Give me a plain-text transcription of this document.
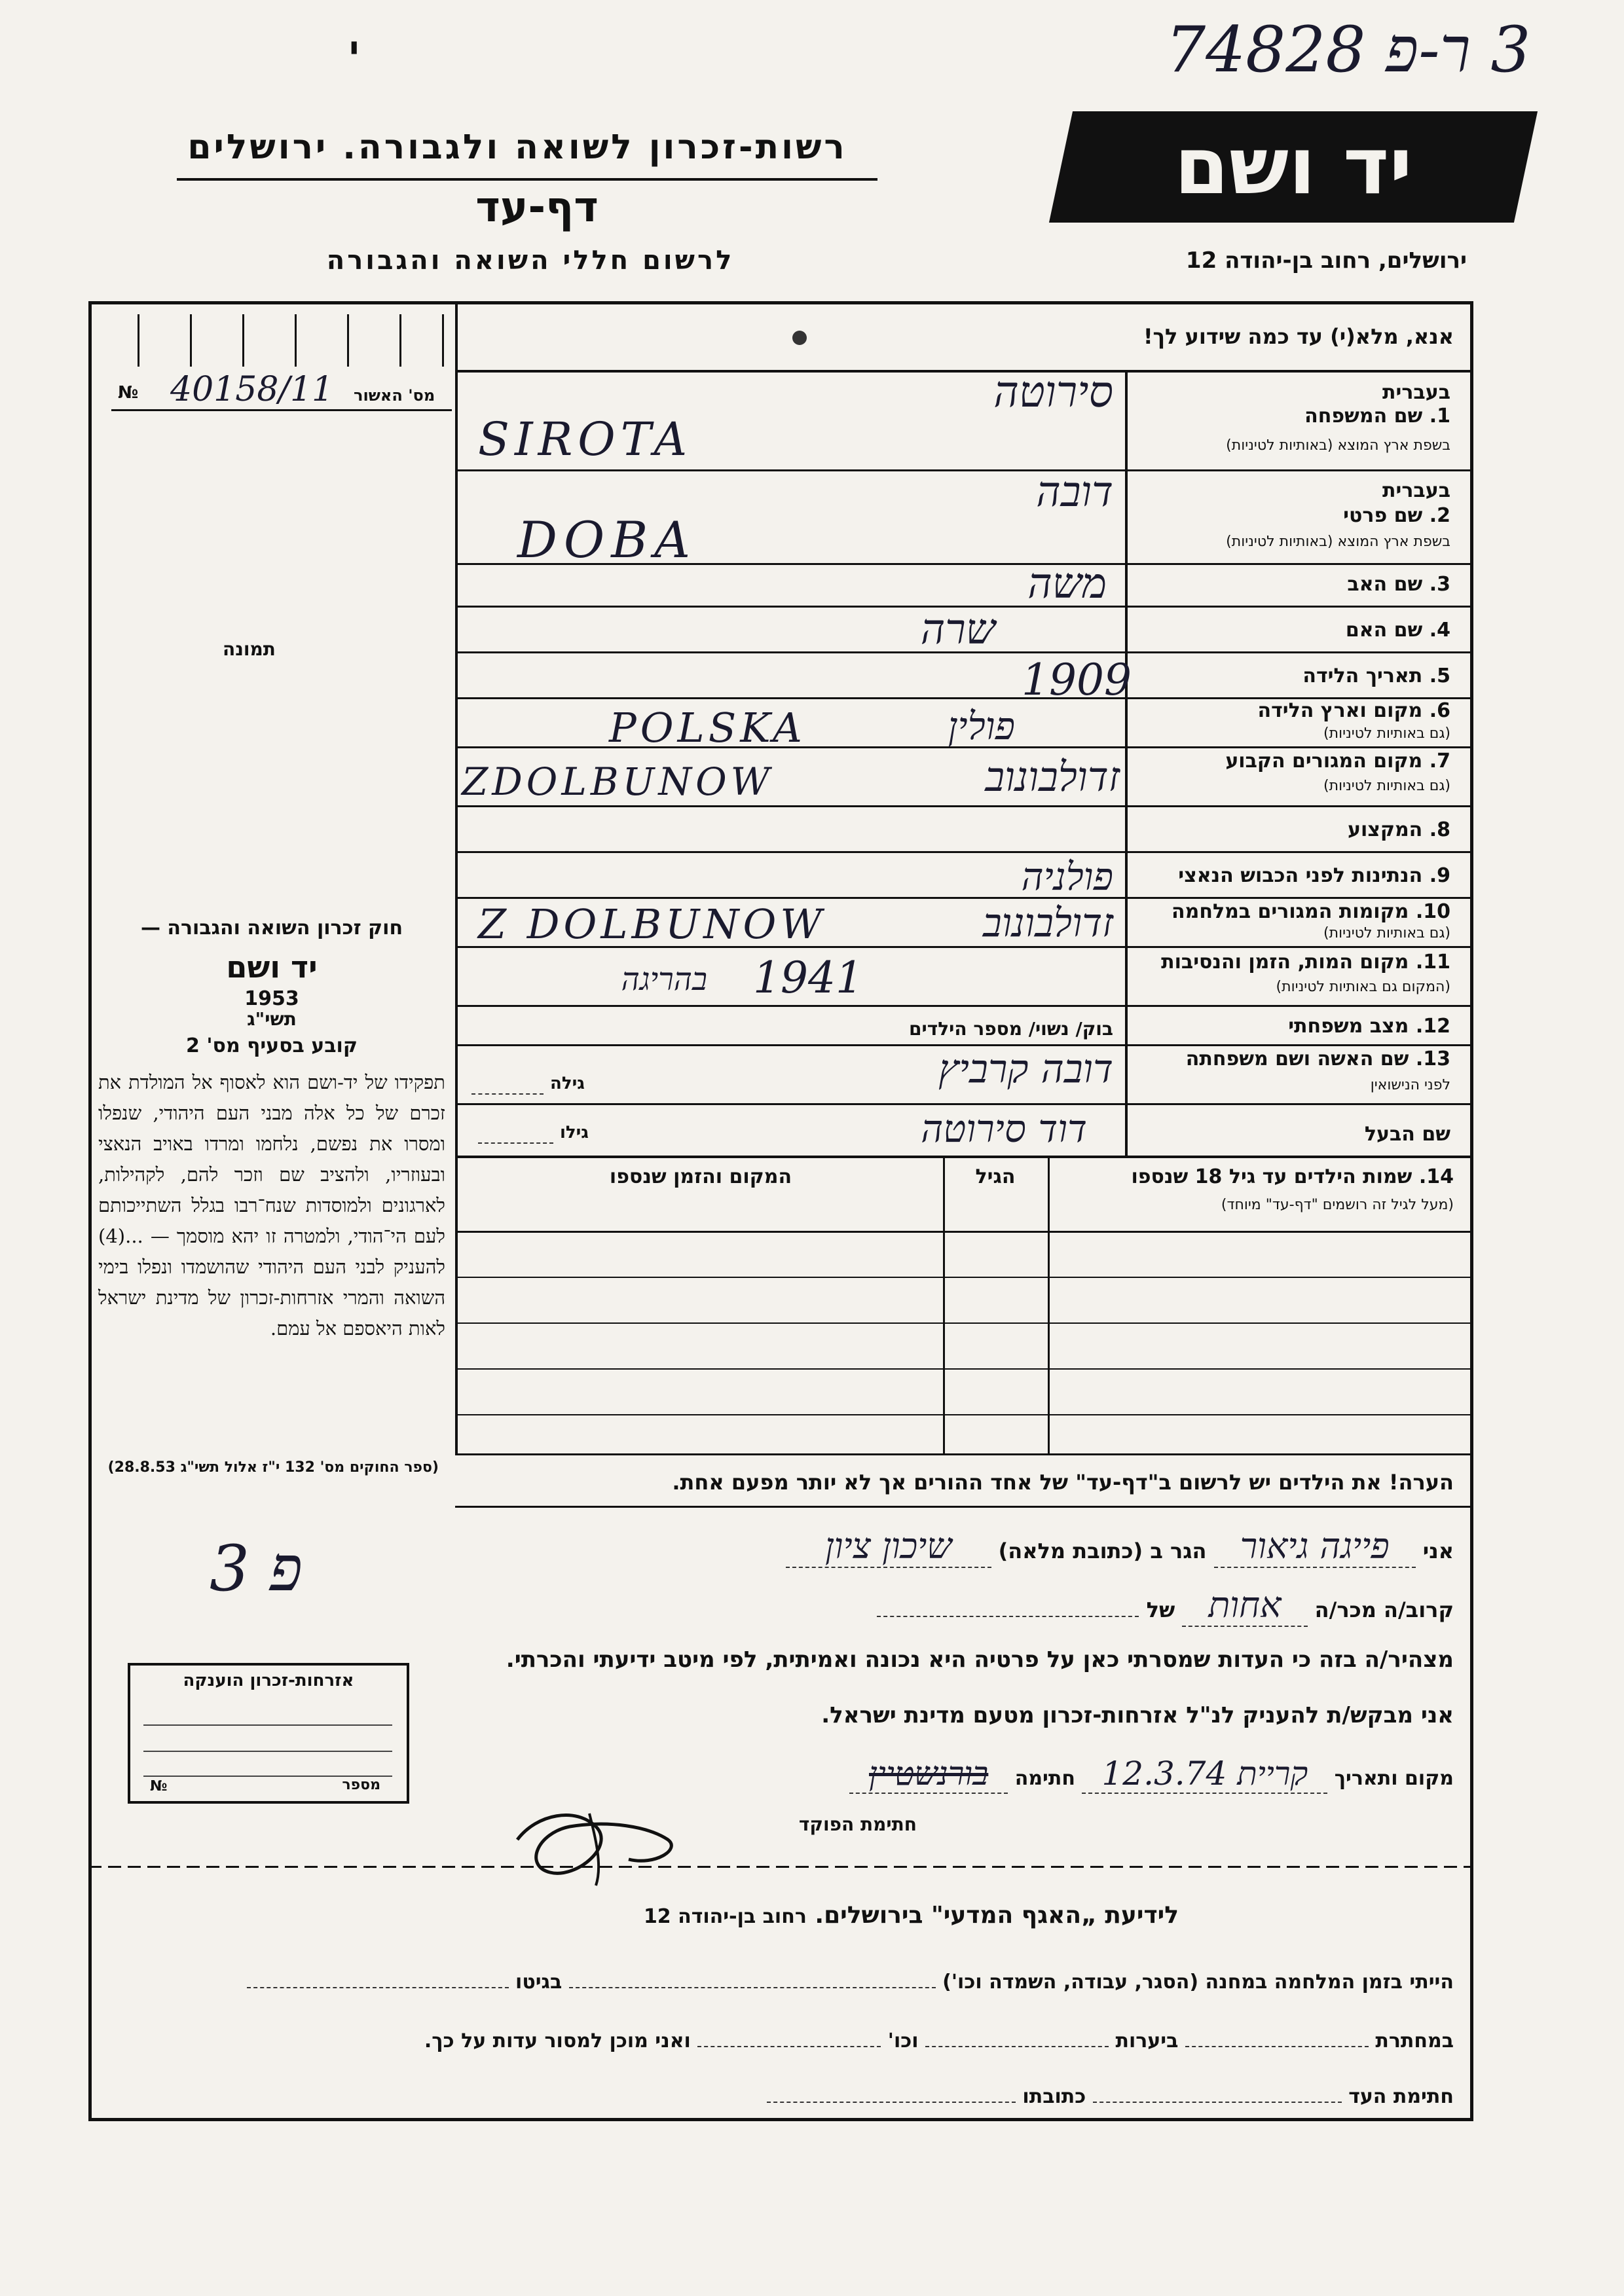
3 ר-פ 74828
'
רשות-זכרון לשואה ולגבורה. ירושלים
דף-עד
לרשום חללי השואה והגבורה
יד ושם
ירושלים, רחוב בן-יהודה 12
№ 40158/11 מס' האשור
תמונה
חוק זכרון השואה והגבורה —
יד ושם
תשי"ג
1953
קובע בסעיף מס' 2
תפקידו של יד-ושם הוא לאסוף אל המולדת את זכרם של כל אלה מבני העם היהודי, שנפלו ומסרו את נפשם, נלחמו ומרדו באויב הנאצי ובעוזריו, ולהציב שם וזכר להם, לקהילות, לארגונים ולמוסדות שנח־רבו בגלל השתייכותם לעם הי־הודי, ולמטרה זו יהא מוסמך — ...(4) להעניק לבני העם היהודי שהושמדו ונפלו בימי השואה והמרי אזרחות-זכרון של מדינת ישראל לאות היאספם אל עמם.
(ספר החוקים מס' 132 י"ז אלול תשי"ג 28.8.53)
3 פ
אזרחות-זכרון הוענקה
מספר
№
אנא, מלא(י) עד כמה שידוע לך!
1. שם המשפחה
בעברית
בשפת ארץ המוצא (באותיות לטיניות)
סירוטה
SIROTA
בעברית
2. שם פרטי
בשפת ארץ המוצא (באותיות לטיניות)
דובה
DOBA
3. שם האב
משה
4. שם האם
שרה
5. תאריך הלידה
1909
6. מקום וארץ הלידה
(גם באותיות לטיניות)
פולין
POLSKA
7. מקום המגורים הקבוע
(גם באותיות לטיניות)
זדולבונוב
ZDOLBUNOW
8. המקצוע
9. הנתינות לפני הכבוש הנאצי
פולניה
10. מקומות המגורים במלחמה
(גם באותיות לטיניות)
זדולבונוב
Z DOLBUNOW
11. מקום המות, הזמן והנסיבות
(המקום גם באותיות לטיניות)
בהריגה 1941
12. מצב משפחתי
בוק/ נשוי/ מספר הילדים
13. שם האשה ושם משפחתה
לפני הנישואין
גילה	דובה קרביץ
שם הבעל
גילו	דוד סירוטה
14. שמות הילדים עד גיל 18 שנספו
(מעל לגיל זה רושמים "דף-עד" מיוחד)
הגיל
המקום והזמן שנספו
הערה! את הילדים יש לרשום ב"דף-עד" של אחד ההורים אך לא יותר מפעם אחת.
אני פייגה גיאור הגר ב (כתובת מלאה) שיכון ציון
קרוב/ה מכר/ה אחות של
מצהיר/ה בזה כי העדות שמסרתי כאן על פרטיה היא נכונה ואמיתית, לפי מיטב ידיעתי והכרתי.
אני מבקש/ת להעניק לנ"ל אזרחות-זכרון מטעם מדינת ישראל.
מקום ותאריך קריית 12.3.74 חתימה בורנשטיין
חתימת הפוקד
לידיעת „האגף המדעי" בירושלים. רחוב בן-יהודה 12
הייתי בזמן המלחמה במחנה (הסגר, עבודה, השמדה וכו')  בגיטו
במחתרת  ביערות  וכו'  ואני מוכן למסור עדות על כך.
חתימת העד  כתובתו
